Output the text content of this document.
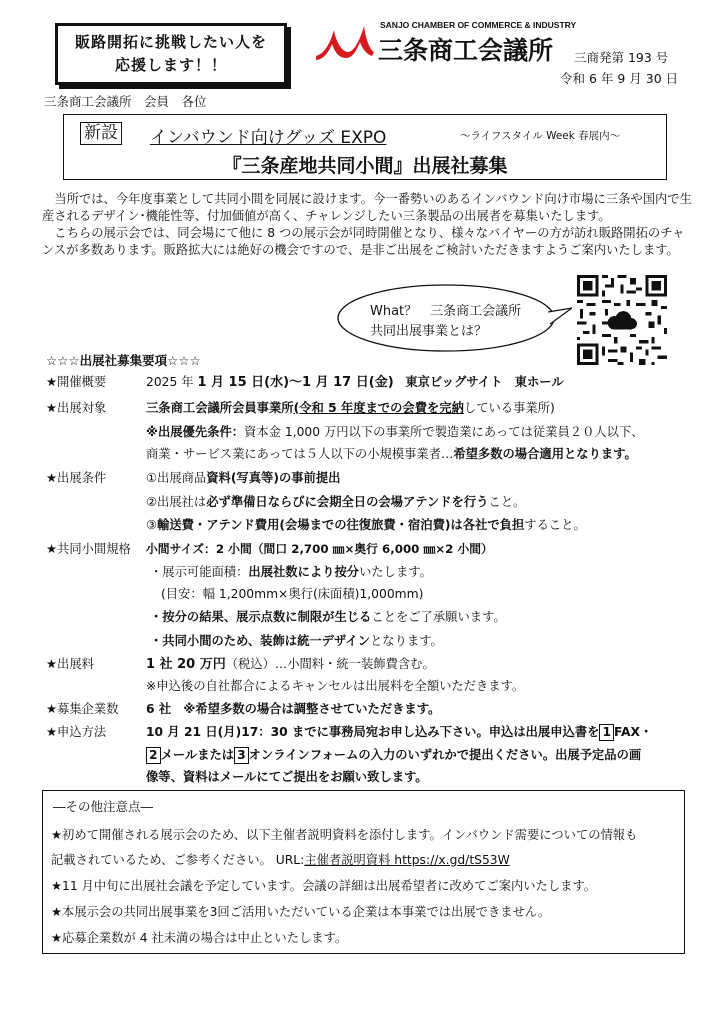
販路開拓に挑戦したい人を
応援します！！
SANJO CHAMBER OF COMMERCE & INDUSTRY
三条商工会議所 三商発第 193 号
令和 6 年 9 月 30 日
三条商工会議所　会員　各位
新設 インバウンド向けグッズ EXPO	～ライフスタイル Week 春展内～
『三条産地共同小間』出展社募集

当所では、今年度事業として共同小間を同展に設けます。今一番勢いのあるインバウンド向け市場に三条や国内で生産されるデザイン･機能性等、付加価値が高く、チャレンジしたい三条製品の出展者を募集いたします。

こちらの展示会では、同会場にて他に 8 つの展示会が同時開催となり、様々なバイヤーの方が訪れ販路開拓のチャンスが多数あります。販路拡大には絶好の機会ですので、是非ご出展をご検討いただきますようご案内いたします。

What？　三条商工会議所
共同出展事業とは？
☆☆☆出展社募集要項☆☆☆
★開催概要	2025 年 1 月 15 日(水)～1 月 17 日(金) 東京ビッグサイト　東ホール
★出展対象	三条商工会議所会員事業所(令和 5 年度までの会費を完納している事業所)
※出展優先条件：資本金 1,000 万円以下の事業所で製造業にあっては従業員２０人以下、
商業・サービス業にあっては５人以下の小規模事業者…希望多数の場合適用となります。
★出展条件	①出展商品資料(写真等)の事前提出
②出展社は必ず準備日ならびに会期全日の会場アテンドを行うこと。
③輸送費・アテンド費用(会場までの往復旅費・宿泊費)は各社で負担すること。
★共同小間規格 小間サイズ：2 小間（間口 2,700 ㎜×奥行 6,000 ㎜×2 小間）
・展示可能面積：出展社数により按分いたします。
(目安：幅 1,200mm×奥行(床面積)1,000mm)
・按分の結果、展示点数に制限が生じることをご了承願います。
・共同小間のため、装飾は統一デザインとなります。
★出展料	1 社 20 万円（税込）…小間料・統一装飾費含む。
※申込後の自社都合によるキャンセルは出展料を全額いただきます。
★募集企業数 6 社　※希望多数の場合は調整させていただきます。
★申込方法	10 月 21 日(月)17：30 までに事務局宛お申し込み下さい。申込は出展申込書を 1 FAX・
2 メールまたは 3 オンラインフォームの入力のいずれかで提出ください。出展予定品の画
像等、資料はメールにてご提出をお願い致します。
―その他注意点―
★初めて開催される展示会のため、以下主催者説明資料を添付します。インバウンド需要についての情報も
記載されているため、ご参考ください。 URL:主催者説明資料 https://x.gd/tS53W
★11 月中旬に出展社会議を予定しています。会議の詳細は出展希望者に改めてご案内いたします。
★本展示会の共同出展事業を3回ご活用いただいている企業は本事業では出展できません。
★応募企業数が 4 社未満の場合は中止といたします。
